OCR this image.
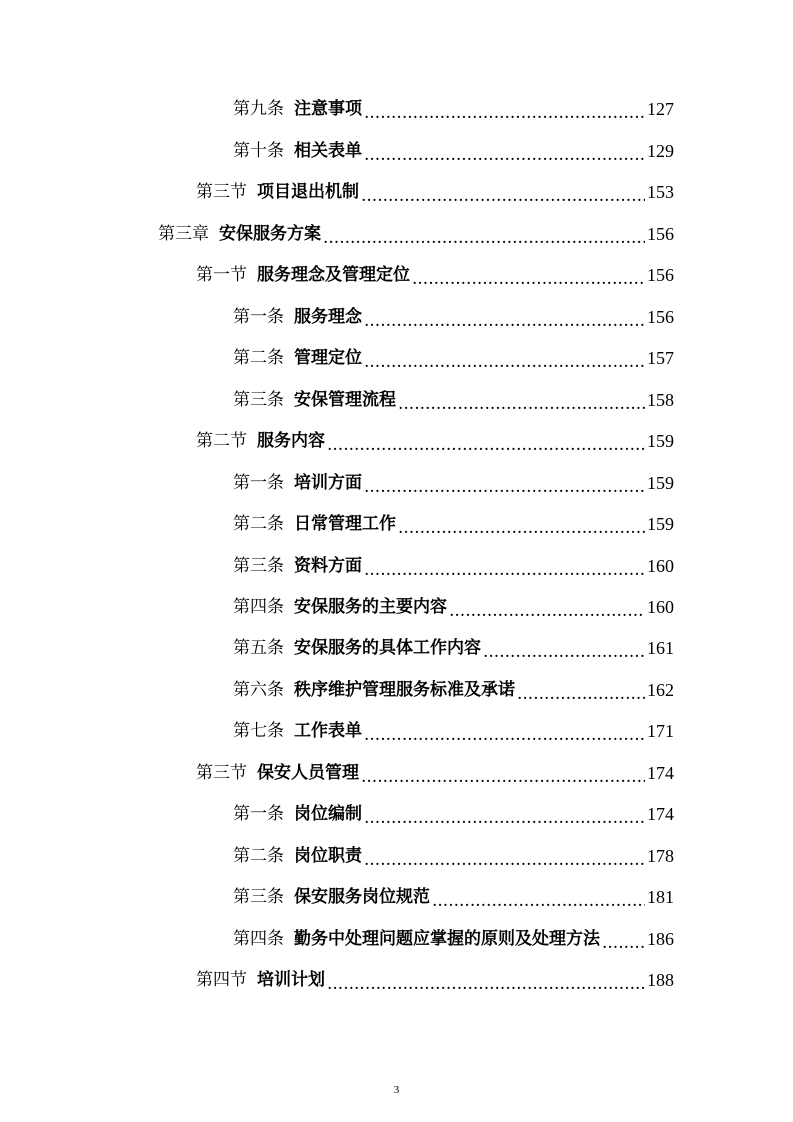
第九条 注意事项 .....	127
第十条 相关表单 .....	129
第三节 项目退出机制 .....	153
第三章 安保服务方案 .....	156
第一节 服务理念及管理定位 .....	156
第一条 服务理念 .....	156
第二条 管理定位 .....	157
第三条 安保管理流程 .....	158
第二节 服务内容 .....	159
第一条 培训方面 .....	159
第二条 日常管理工作 .....	159
第三条 资料方面 .....	160
第四条 安保服务的主要内容 .....	160
第五条 安保服务的具体工作内容 .....	161
第六条 秩序维护管理服务标准及承诺 .....	162
第七条 工作表单 .....	171
第三节 保安人员管理 .....	174
第一条 岗位编制 .....	174
第二条 岗位职责 .....	178
第三条 保安服务岗位规范 .....	181
第四条 勤务中处理问题应掌握的原则及处理方法 .....	186
第四节 培训计划 .....	188
3
